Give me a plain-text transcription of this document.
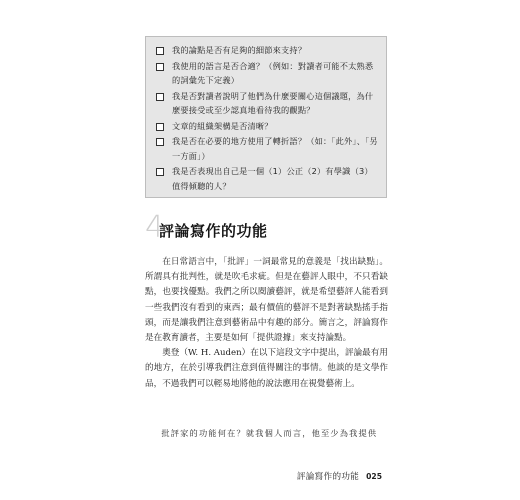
我的論點是否有足夠的細節來支持？
我使用的語言是否合適？（例如：對讀者可能不太熟悉的詞彙先下定義）
我是否對讀者說明了他們為什麼要關心這個議題，為什麼要接受或至少認真地看待我的觀點？
文章的組織架構是否清晰？
我是否在必要的地方使用了轉折語？（如：「此外」、「另一方面」）
我是否表現出自己是一個（1）公正（2）有學識（3）值得傾聽的人？
4
評論寫作的功能

在日常語言中，「批評」一詞最常見的意義是「找出缺點」。所謂具有批判性，就是吹毛求疵。但是在藝評人眼中，不只看缺點，也要找優點。我們之所以閱讀藝評，就是希望藝評人能看到一些我們沒有看到的東西；最有價值的藝評不是對著缺點搖手指頭，而是讓我們注意到藝術品中有趣的部分。簡言之，評論寫作是在教育讀者，主要是如何「提供證據」來支持論點。

奧登（W. H. Auden）在以下這段文字中提出，評論最有用的地方，在於引導我們注意到值得關注的事情。他談的是文學作品，不過我們可以輕易地將他的說法應用在視覺藝術上。

批評家的功能何在？就我個人而言，他至少為我提供
評論寫作的功能 025
